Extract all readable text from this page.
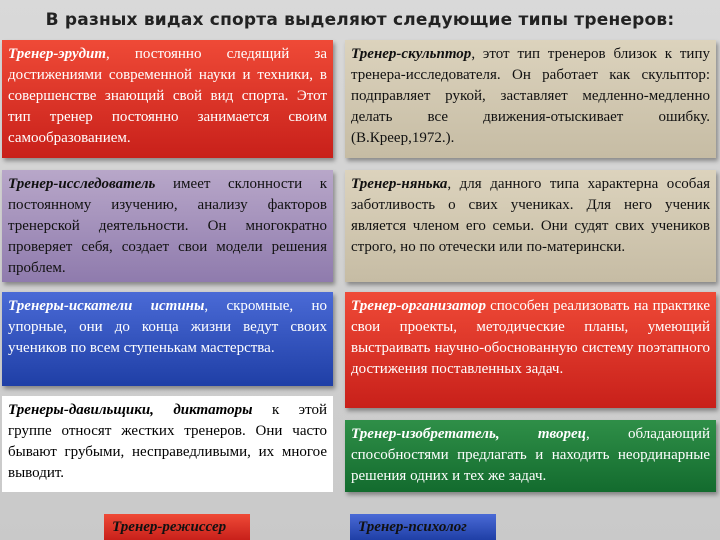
В разных видах спорта выделяют следующие типы тренеров:
Тренер-эрудит, постоянно следящий за достижениями современной науки и техники, в совершенстве знающий свой вид спорта. Этот тип тренер постоянно занимается своим самообразованием.
Тренер-скульптор, этот тип тренеров близок к типу тренера-исследователя. Он работает как скульптор: подправляет рукой, заставляет медленно-медленно делать все движения-отыскивает ошибку. (В.Креер,1972.).
Тренер-исследователь имеет склонности к постоянному изучению, анализу факторов тренерской деятельности. Он многократно проверяет себя, создает свои модели решения проблем.
Тренер-нянька, для данного типа характерна особая заботливость о свих учениках. Для него ученик является членом его семьи. Они судят свих учеников строго, но по отечески или по-матерински.
Тренеры-искатели истины, скромные, но упорные, они до конца жизни ведут своих учеников по всем ступенькам мастерства.
Тренер-организатор способен реализовать на практике свои проекты, методические планы, умеющий выстраивать научно-обоснованную систему поэтапного достижения поставленных задач.
Тренеры-давильщики, диктаторы к этой группе относят жестких тренеров. Они часто бывают грубыми, несправедливыми, их многое выводит.
Тренер-изобретатель, творец, обладающий способностями предлагать и находить неординарные решения одних и тех же задач.
Тренер-режиссер	Тренер-психолог
